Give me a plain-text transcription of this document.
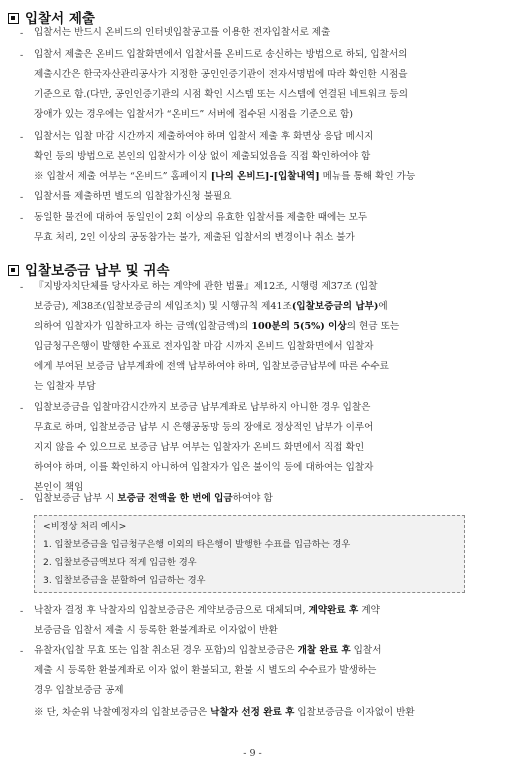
입찰서 제출
- 입찰서는 반드시 온비드의 인터넷입찰공고를 이용한 전자입찰서로 제출
- 입찰서 제출은 온비드 입찰화면에서 입찰서를 온비드로 송신하는 방법으로 하되, 입찰서의
제출시간은 한국자산관리공사가 지정한 공인인증기관이 전자서명법에 따라 확인한 시점을
기준으로 함.(다만, 공인인증기관의 시점 확인 시스템 또는 시스템에 연결된 네트워크 등의
장애가 있는 경우에는 입찰서가 “온비드” 서버에 접수된 시점을 기준으로 함)
- 입찰서는 입찰 마감 시간까지 제출하여야 하며 입찰서 제출 후 화면상 응답 메시지
확인 등의 방법으로 본인의 입찰서가 이상 없이 제출되었음을 직접 확인하여야 함
※ 입찰서 제출 여부는 “온비드” 홈페이지 [나의 온비드]-[입찰내역] 메뉴를 통해 확인 가능
- 입찰서를 제출하면 별도의 입찰참가신청 불필요
- 동일한 물건에 대하여 동일인이 2회 이상의 유효한 입찰서를 제출한 때에는 모두
무효 처리, 2인 이상의 공동참가는 불가, 제출된 입찰서의 변경이나 취소 불가
입찰보증금 납부 및 귀속
- 『지방자치단체를 당사자로 하는 계약에 관한 법률』제12조, 시행령 제37조 (입찰
보증금), 제38조(입찰보증금의 세입조치) 및 시행규칙 제41조(입찰보증금의 납부)에
의하여 입찰자가 입찰하고자 하는 금액(입찰금액)의 100분의 5(5%) 이상의 현금 또는
입금청구은행이 발행한 수표로 전자입찰 마감 시까지 온비드 입찰화면에서 입찰자
에게 부여된 보증금 납부계좌에 전액 납부하여야 하며, 입찰보증금납부에 따른 수수료
는 입찰자 부담
- 입찰보증금을 입찰마감시간까지 보증금 납부계좌로 납부하지 아니한 경우 입찰은
무효로 하며, 입찰보증금 납부 시 은행공동망 등의 장애로 정상적인 납부가 이루어
지지 않을 수 있으므로 보증금 납부 여부는 입찰자가 온비드 화면에서 직접 확인
하여야 하며, 이를 확인하지 아니하여 입찰자가 입은 불이익 등에 대하여는 입찰자
본인이 책임
- 입찰보증금 납부 시 보증금 전액을 한 번에 입금하여야 함
<비정상 처리 예시>
1. 입찰보증금을 입금청구은행 이외의 타은행이 발행한 수표를 입금하는 경우
2. 입찰보증금액보다 적게 입금한 경우
3. 입찰보증금을 분할하여 입금하는 경우
- 낙찰자 결정 후 낙찰자의 입찰보증금은 계약보증금으로 대체되며, 계약완료 후 계약
보증금을 입찰서 제출 시 등록한 환불계좌로 이자없이 반환
- 유찰자(입찰 무효 또는 입찰 취소된 경우 포함)의 입찰보증금은 개찰 완료 후 입찰서
제출 시 등록한 환불계좌로 이자 없이 환불되고, 환불 시 별도의 수수료가 발생하는
경우 입찰보증금 공제
※ 단, 차순위 낙찰예정자의 입찰보증금은 낙찰자 선정 완료 후 입찰보증금을 이자없이 반환
- 9 -
